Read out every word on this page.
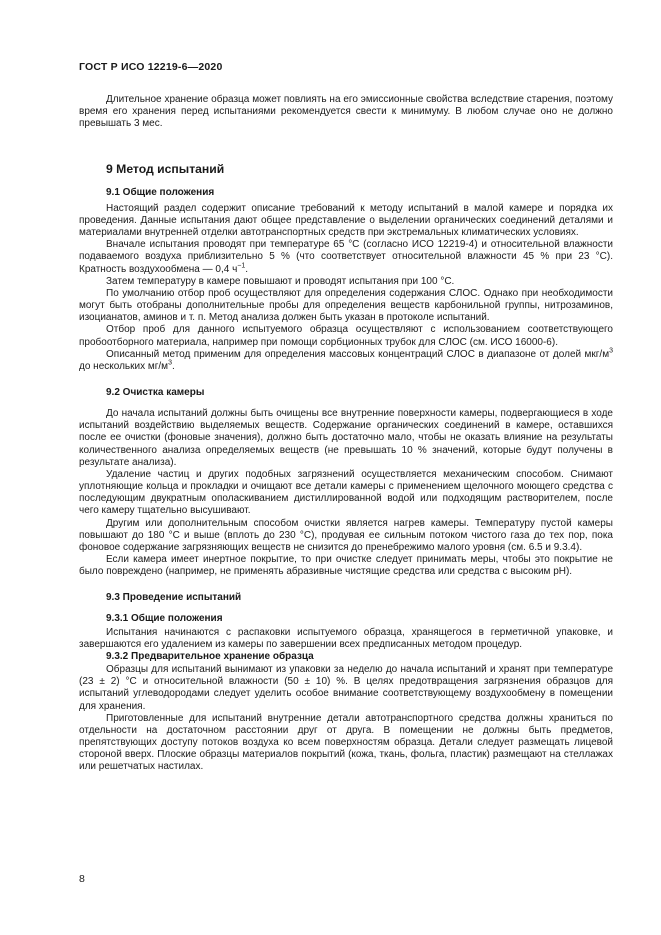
ГОСТ Р ИСО 12219-6—2020

Длительное хранение образца может повлиять на его эмиссионные свойства вследствие старения, поэтому время его хранения перед испытаниями рекомендуется свести к минимуму. В любом случае оно не должно превышать 3 мес.

9 Метод испытаний
9.1 Общие положения

Настоящий раздел содержит описание требований к методу испытаний в малой камере и порядка их проведения. Данные испытания дают общее представление о выделении органических соединений деталями и материалами внутренней отделки автотранспортных средств при экстремальных климатических условиях.

Вначале испытания проводят при температуре 65 °С (согласно ИСО 12219-4) и относительной влажности подаваемого воздуха приблизительно 5 % (что соответствует относительной влажности 45 % при 23 °С). Кратность воздухообмена — 0,4 $ч^{-1}$.

Затем температуру в камере повышают и проводят испытания при 100 °С.

По умолчанию отбор проб осуществляют для определения содержания СЛОС. Однако при необходимости могут быть отобраны дополнительные пробы для определения веществ карбонильной группы, нитрозаминов, изоцианатов, аминов и т. п. Метод анализа должен быть указан в протоколе испытаний.

Отбор проб для данного испытуемого образца осуществляют с использованием соответствующего пробоотборного материала, например при помощи сорбционных трубок для СЛОС (см. ИСО 16000-6).

Описанный метод применим для определения массовых концентраций СЛОС в диапазоне от долей мкг/$м^3$ до нескольких $мг/м^3$.

9.2 Очистка камеры

До начала испытаний должны быть очищены все внутренние поверхности камеры, подвергающиеся в ходе испытаний воздействию выделяемых веществ. Содержание органических соединений в камере, оставшихся после ее очистки (фоновые значения), должно быть достаточно мало, чтобы не оказать влияние на результаты количественного анализа определяемых веществ (не превышать 10 % значений, которые будут получены в результате анализа).

Удаление частиц и других подобных загрязнений осуществляется механическим способом. Снимают уплотняющие кольца и прокладки и очищают все детали камеры с применением щелочного моющего средства с последующим двукратным ополаскиванием дистиллированной водой или подходящим растворителем, после чего камеру тщательно высушивают.

Другим или дополнительным способом очистки является нагрев камеры. Температуру пустой камеры повышают до 180 °С и выше (вплоть до 230 °С), продувая ее сильным потоком чистого газа до тех пор, пока фоновое содержание загрязняющих веществ не снизится до пренебрежимо малого уровня (см. 6.5 и 9.3.4).

Если камера имеет инертное покрытие, то при очистке следует принимать меры, чтобы это покрытие не было повреждено (например, не применять абразивные чистящие средства или средства с высоким pH).

9.3 Проведение испытаний
9.3.1 Общие положения

Испытания начинаются с распаковки испытуемого образца, хранящегося в герметичной упаковке, и завершаются его удалением из камеры по завершении всех предписанных методом процедур.

9.3.2 Предварительное хранение образца

Образцы для испытаний вынимают из упаковки за неделю до начала испытаний и хранят при температуре (23 ± 2) °С и относительной влажности (50 ± 10) %. В целях предотвращения загрязнения образцов для испытаний углеводородами следует уделить особое внимание соответствующему воздухообмену в помещении для хранения.

Приготовленные для испытаний внутренние детали автотранспортного средства должны храниться по отдельности на достаточном расстоянии друг от друга. В помещении не должны быть предметов, препятствующих доступу потоков воздуха ко всем поверхностям образца. Детали следует размещать лицевой стороной вверх. Плоские образцы материалов покрытий (кожа, ткань, фольга, пластик) размещают на стеллажах или решетчатых настилах.

8
